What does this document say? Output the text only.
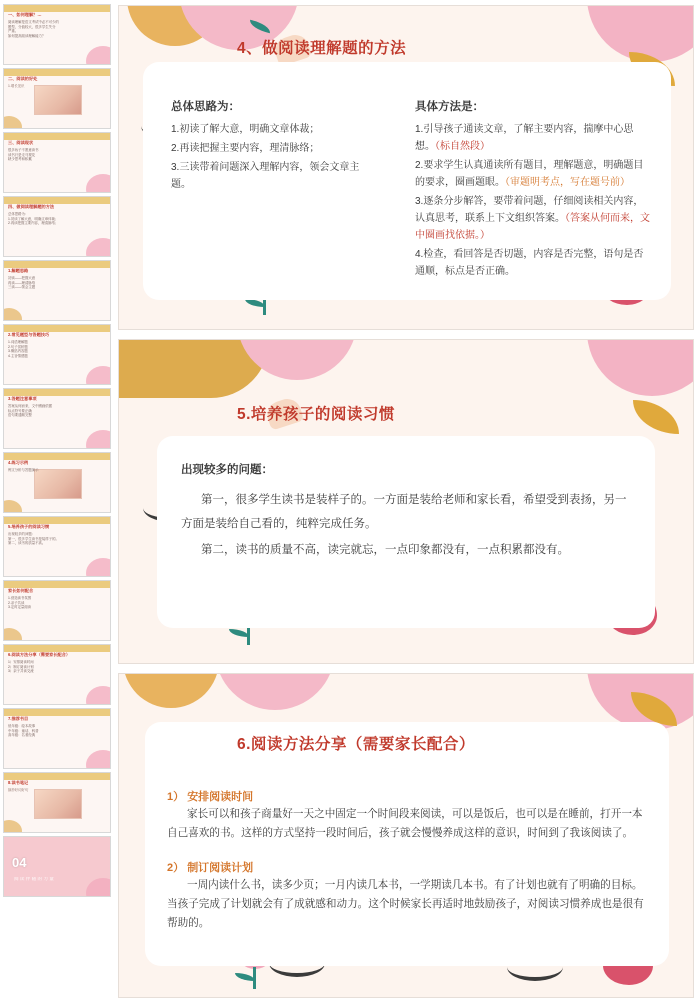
一、如何理解？…
阅读理解是语文考试中必不可少的
题型，分值较大，很多学生失分
严重。
如何提高阅读理解能力？
二、阅读的好处
1.增长见识
三、阅读现状
很多孩子不愿意读书
读书只是走马观花
缺少思考和积累
四、做阅读理解题的方法
总体思路为：
1.初读了解大意，明确文章体裁；
2.再读把握主要内容，理清脉络；
1.解题思路
初读——把握大意
再读——理清脉络
三读——领会主题
2.常见题型与答题技巧
1.词语理解题
2.句子赏析题
3.概括内容题
4.主旨情感题
3.答题注意事项
答案从何而来，文中圈画依据
标点符号要正确
语句要通顺完整
4.练习示例
例文分析与答题演示
5.培养孩子的阅读习惯
出现较多的问题：
第一，很多学生读书是装样子的。
第二，读书的质量不高。
家长如何配合
1.营造读书氛围
2.亲子共读
3.定时定量阅读
6.阅读方法分享（需要家长配合）
1）安排阅读时间
2）制订阅读计划
3）亲子共读交流
7.推荐书目
低年级：绘本故事
中年级：童话、科普
高年级：名著经典
8.读书笔记
摘抄好词好句
04
阅 读 伴 随 的 力 量
4、做阅读理解题的方法
总体思路为：

1.初读了解大意，明确文章体裁；

2.再读把握主要内容，理清脉络；

3.三读带着问题深入理解内容，领会文章主题。

具体方法是：

1.引导孩子通读文章，了解主要内容，揣摩中心思想。（标自然段）

2.要求学生认真通读所有题目，理解题意，明确题目的要求，圈画题眼。（审题明考点，写在题号前）

3.逐条分步解答，要带着问题，仔细阅读相关内容，认真思考，联系上下文组织答案。（答案从何而来，文中圈画找依据。）

4.检查，看回答是否切题，内容是否完整，语句是否通顺，标点是否正确。

5.培养孩子的阅读习惯
出现较多的问题：

第一，很多学生读书是装样子的。一方面是装给老师和家长看，希望受到表扬，另一方面是装给自己看的，纯粹完成任务。

第二，读书的质量不高，读完就忘，一点印象都没有，一点积累都没有。

6.阅读方法分享（需要家长配合）
1） 安排阅读时间

家长可以和孩子商量好一天之中固定一个时间段来阅读，可以是饭后，也可以是在睡前，打开一本自己喜欢的书。这样的方式坚持一段时间后，孩子就会慢慢养成这样的意识，时间到了我该阅读了。

2） 制订阅读计划

一周内读什么书，读多少页；一月内读几本书，一学期读几本书。有了计划也就有了明确的目标。当孩子完成了计划就会有了成就感和动力。这个时候家长再适时地鼓励孩子，对阅读习惯养成也是很有帮助的。
